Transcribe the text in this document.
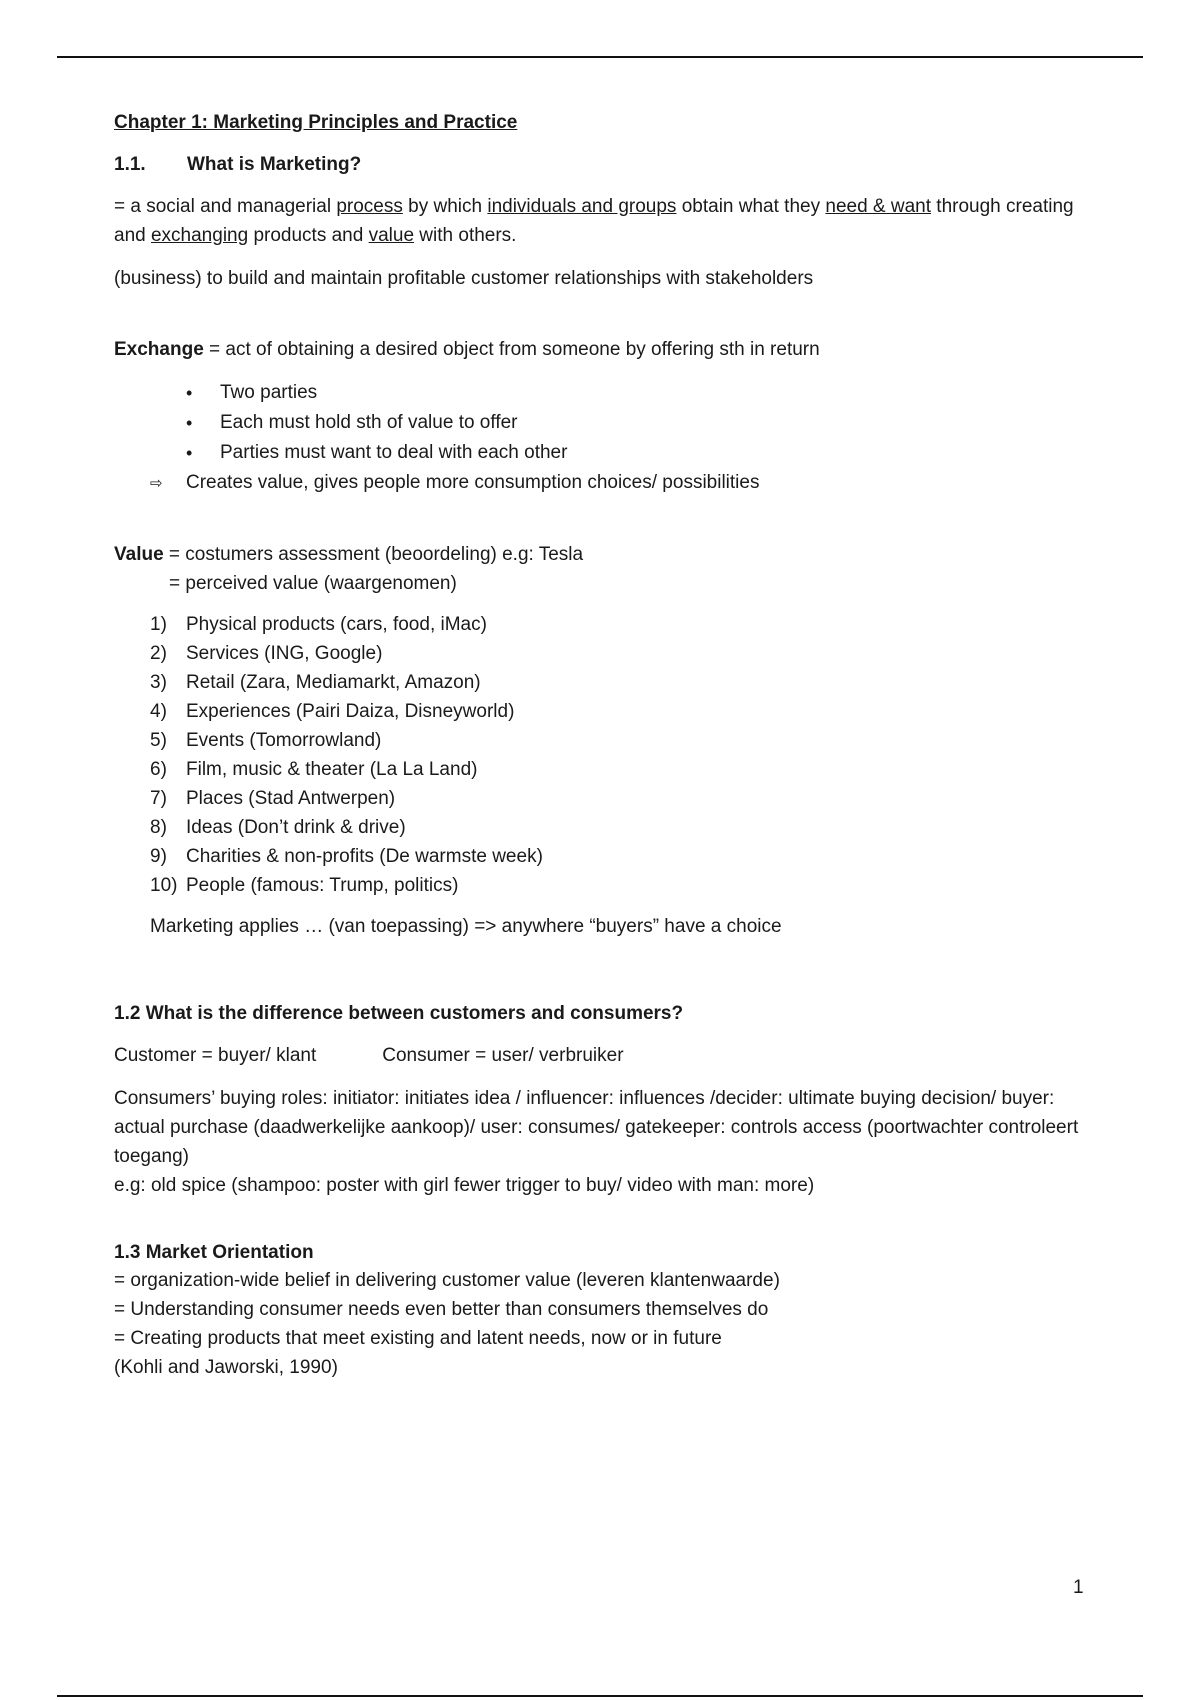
Chapter 1: Marketing Principles and Practice
1.1. What is Marketing?

= a social and managerial process by which individuals and groups obtain what they need & want through creating and exchanging products and value with others.

(business) to build and maintain profitable customer relationships with stakeholders

Exchange = act of obtaining a desired object from someone by offering sth in return

• Two parties
• Each must hold sth of value to offer
• Parties must want to deal with each other

⇨ Creates value, gives people more consumption choices/ possibilities

Value = costumers assessment (beoordeling) e.g: Tesla

= perceived value (waargenomen)

1)	Physical products (cars, food, iMac)
2)	Services (ING, Google)
3)	Retail (Zara, Mediamarkt, Amazon)
4)	Experiences (Pairi Daiza, Disneyworld)
5)	Events (Tomorrowland)
6)	Film, music & theater (La La Land)
7)	Places (Stad Antwerpen)
8)	Ideas (Don’t drink & drive)
9)	Charities & non-profits (De warmste week)
10) People (famous: Trump, politics)

Marketing applies … (van toepassing) => anywhere “buyers” have a choice

1.2 What is the difference between customers and consumers?

Customer = buyer/ klant	Consumer = user/ verbruiker

Consumers’ buying roles: initiator: initiates idea / influencer: influences /decider: ultimate buying decision/ buyer: actual purchase (daadwerkelijke aankoop)/ user: consumes/ gatekeeper: controls access (poortwachter controleert toegang)

e.g: old spice (shampoo: poster with girl fewer trigger to buy/ video with man: more)

1.3 Market Orientation

= organization-wide belief in delivering customer value (leveren klantenwaarde)

= Understanding consumer needs even better than consumers themselves do

= Creating products that meet existing and latent needs, now or in future

(Kohli and Jaworski, 1990)

1
